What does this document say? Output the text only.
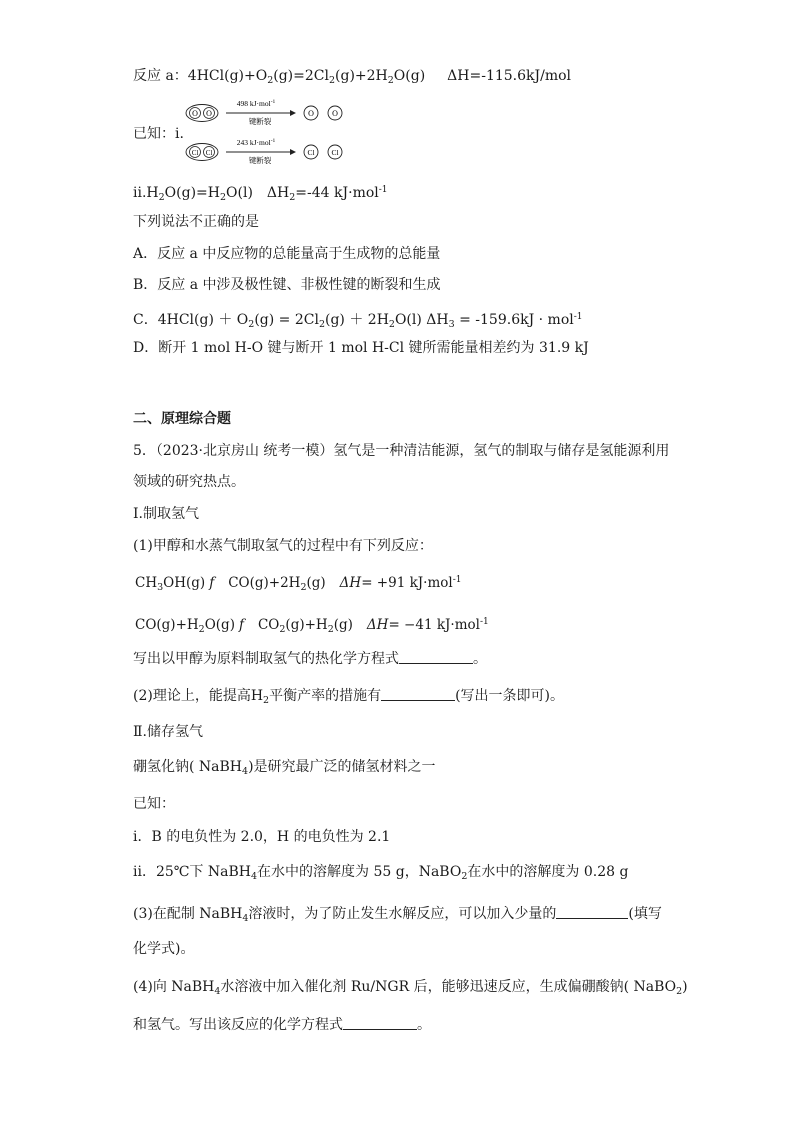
反应 a：$4HCl(g)+O_2(g)=2Cl_2(g)+2H_2O(g)$ ΔH=-115.6kJ/mol
已知：i.
O O
498 kJ·mol$^{-1}$
键断裂
O O
Cl Cl
243 kJ·mol$^{-1}$
键断裂
Cl Cl
$ii.H_2O(g)=H_2O(l)$ $\Delta H_2=-44$ kJ·mol$^{-1}$
下列说法不正确的是
A．反应 a 中反应物的总能量高于生成物的总能量
B．反应 a 中涉及极性键、非极性键的断裂和生成
C．$4HCl(g) + O_2(g) = 2Cl_2(g) + 2H_2O(l) \Delta H_3 = -159.6kJ \cdot mol^{-1}$
D．断开 1 mol H-O 键与断开 1 mol H-Cl 键所需能量相差约为 31.9 kJ
二、原理综合题
5．（2023·北京房山 统考一模）氢气是一种清洁能源，氢气的制取与储存是氢能源利用
领域的研究热点。
Ⅰ.制取氢气
(1)甲醇和水蒸气制取氢气的过程中有下列反应：
$CH_3OH(g)$ f $CO(g)+2H_2(g)$ ΔH= +91 kJ·mol$^{-1}$
$CO(g)+H_2O(g)$ f $CO_2(g)+H_2(g)$ ΔH= −41 kJ·mol$^{-1}$
写出以甲醇为原料制取氢气的热化学方程式	。
(2)理论上，能提高$H_2$平衡产率的措施有	(写出一条即可)。
Ⅱ.储存氢气
硼氢化钠( NaBH$_4$)是研究最广泛的储氢材料之一
已知：
i．B 的电负性为 2.0，H 的电负性为 2.1
ii．25℃下 NaBH$_4$在水中的溶解度为 55 g，NaBO$_2$在水中的溶解度为 0.28 g
(3)在配制 NaBH$_4$溶液时，为了防止发生水解反应，可以加入少量的	(填写
化学式)。
(4)向 NaBH$_4$水溶液中加入催化剂 Ru/NGR 后，能够迅速反应，生成偏硼酸钠( NaBO$_2$)
和氢气。写出该反应的化学方程式	。
